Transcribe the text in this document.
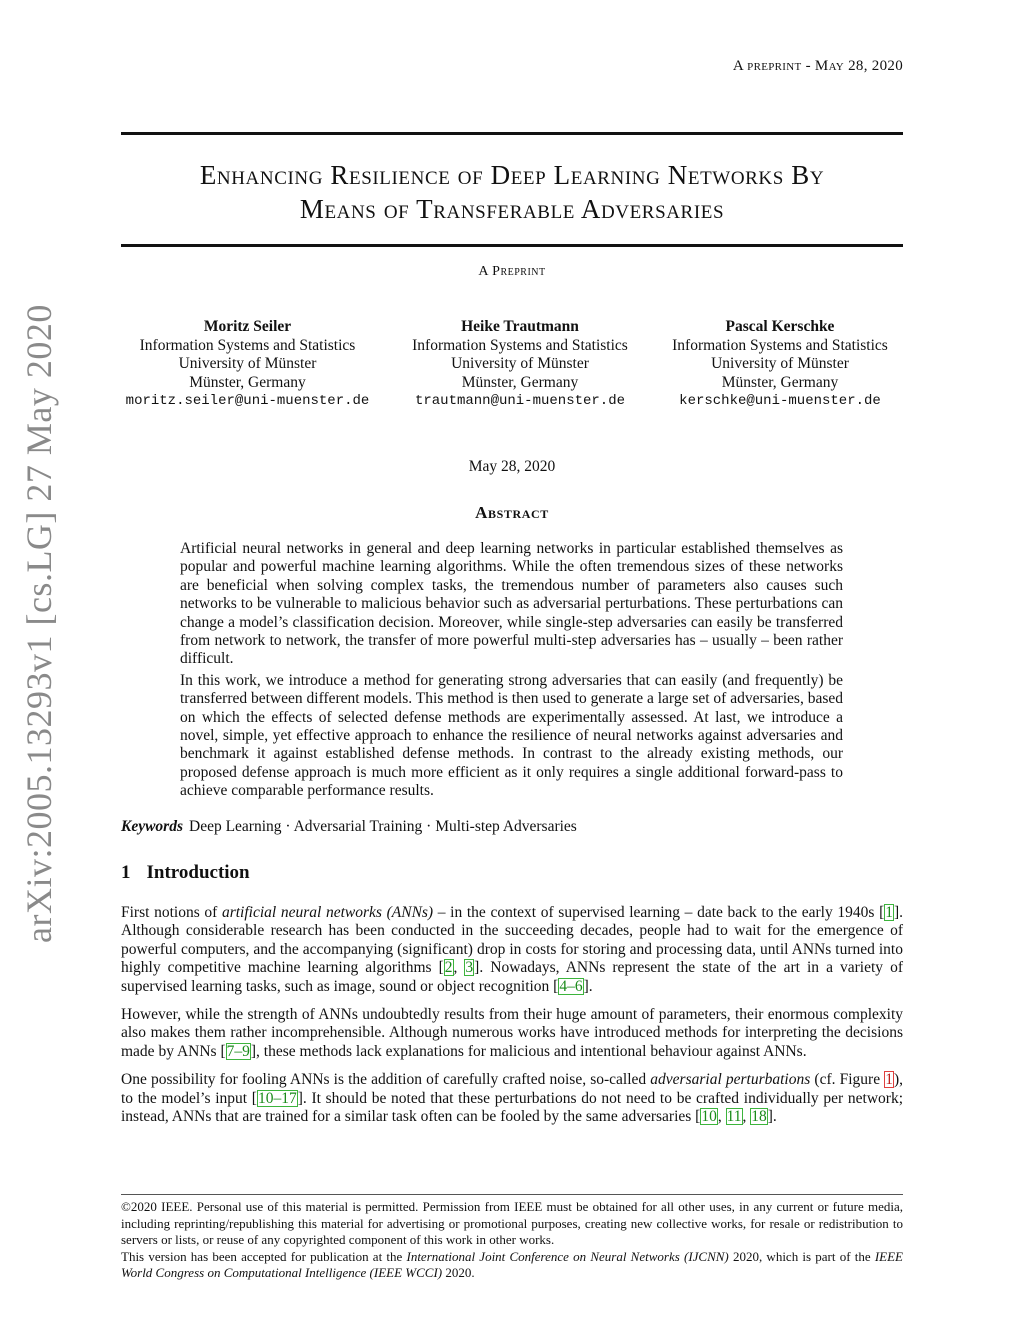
A preprint - May 28, 2020
Enhancing Resilience of Deep Learning Networks By
Means of Transferable Adversaries
A Preprint
Moritz Seiler
Information Systems and Statistics
University of Münster
Münster, Germany
moritz.seiler@uni-muenster.de
Heike Trautmann
Information Systems and Statistics
University of Münster
Münster, Germany
trautmann@uni-muenster.de
Pascal Kerschke
Information Systems and Statistics
University of Münster
Münster, Germany
kerschke@uni-muenster.de
May 28, 2020
Abstract

Artificial neural networks in general and deep learning networks in particular established themselves as popular and powerful machine learning algorithms. While the often tremendous sizes of these networks are beneficial when solving complex tasks, the tremendous number of parameters also causes such networks to be vulnerable to malicious behavior such as adversarial perturbations. These perturbations can change a model’s classification decision. Moreover, while single-step adversaries can easily be transferred from network to network, the transfer of more powerful multi-step adversaries has – usually – been rather difficult.

In this work, we introduce a method for generating strong adversaries that can easily (and frequently) be transferred between different models. This method is then used to generate a large set of adversaries, based on which the effects of selected defense methods are experimentally assessed. At last, we introduce a novel, simple, yet effective approach to enhance the resilience of neural networks against adversaries and benchmark it against established defense methods. In contrast to the already existing methods, our proposed defense approach is much more efficient as it only requires a single additional forward-pass to achieve comparable performance results.

Keywords Deep Learning · Adversarial Training · Multi-step Adversaries
1 Introduction

First notions of artificial neural networks (ANNs) – in the context of supervised learning – date back to the early 1940s [1]. Although considerable research has been conducted in the succeeding decades, people had to wait for the emergence of powerful computers, and the accompanying (significant) drop in costs for storing and processing data, until ANNs turned into highly competitive machine learning algorithms [2, 3]. Nowadays, ANNs represent the state of the art in a variety of supervised learning tasks, such as image, sound or object recognition [4–6].

However, while the strength of ANNs undoubtedly results from their huge amount of parameters, their enormous complexity also makes them rather incomprehensible. Although numerous works have introduced methods for interpreting the decisions made by ANNs [7–9], these methods lack explanations for malicious and intentional behaviour against ANNs.

One possibility for fooling ANNs is the addition of carefully crafted noise, so-called adversarial perturbations (cf. Figure 1), to the model’s input [10–17]. It should be noted that these perturbations do not need to be crafted individually per network; instead, ANNs that are trained for a similar task often can be fooled by the same adversaries [10, 11, 18].

arXiv:2005.13293v1 [cs.LG] 27 May 2020

©2020 IEEE. Personal use of this material is permitted. Permission from IEEE must be obtained for all other uses, in any current or future media, including reprinting/republishing this material for advertising or promotional purposes, creating new collective works, for resale or redistribution to servers or lists, or reuse of any copyrighted component of this work in other works.

This version has been accepted for publication at the International Joint Conference on Neural Networks (IJCNN) 2020, which is part of the IEEE World Congress on Computational Intelligence (IEEE WCCI) 2020.
